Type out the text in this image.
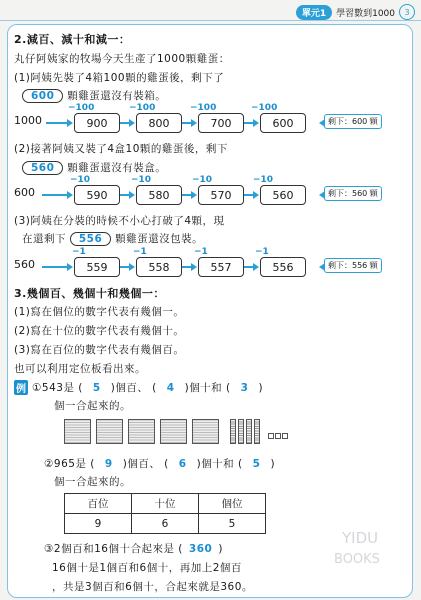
單元1	學習數到1000	3
2.減百、減十和減一：
丸仔阿姨家的牧場今天生產了1000顆雞蛋：
(1)阿姨先裝了4箱100顆的雞蛋後，剩下了
600 顆雞蛋還沒有裝箱。
1000
−100	−100	−100	−100
900	800	700	600	剩下：600 顆
(2)接著阿姨又裝了4盒10顆的雞蛋後，剩下
560 顆雞蛋還沒有裝盒。
600
−10	−10	−10	−10
590	580	570	560	剩下：560 顆
(3)阿姨在分裝的時候不小心打破了4顆，現
在還剩下 556 顆雞蛋還沒包裝。
560
−1	−1	−1	−1
559	558	557	556	剩下：556 顆
3.幾個百、幾個十和幾個一：
(1)寫在個位的數字代表有幾個一。
(2)寫在十位的數字代表有幾個十。
(3)寫在百位的數字代表有幾個百。
也可以利用定位板看出來。
例 ①543是 ( 5 )個百、 ( 4 )個十和 ( 3 )
個一合起來的。
②965是 ( 9 )個百、 ( 6 )個十和 ( 5 )
個一合起來的。
百位	十位	個位
9	6	5
③2個百和16個十合起來是 ( 360 )
16個十是1個百和6個十，再加上2個百
，共是3個百和6個十，合起來就是360。
YIDU
BOOKS
